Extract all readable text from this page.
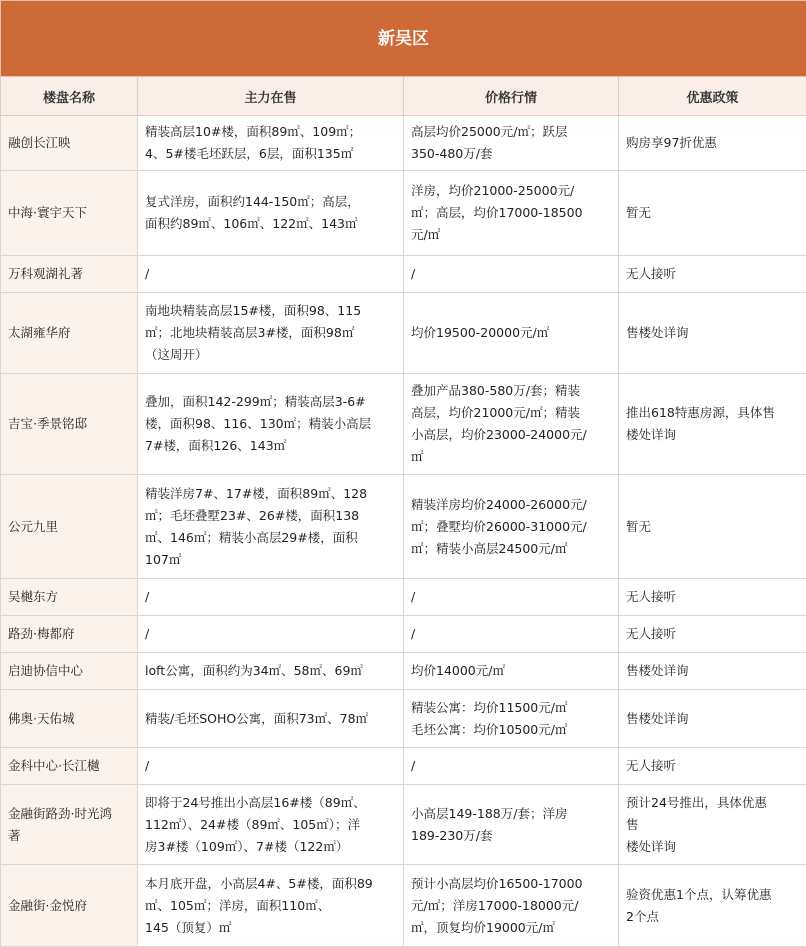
新吴区			
楼盘名称	主力在售	价格行情	优惠政策
融创长江映	精装高层10#楼，面积89㎡、109㎡；
4、5#楼毛坯跃层，6层，面积135㎡	高层均价25000元/㎡；跃层
350-480万/套	购房享97折优惠
中海·寰宇天下	复式洋房，面积约144-150㎡；高层，
面积约89㎡、106㎡、122㎡、143㎡	洋房，均价21000-25000元/
㎡；高层，均价17000-18500
元/㎡	暂无
万科观湖礼著	/	/	无人接听
太湖雍华府	南地块精装高层15#楼，面积98、115
㎡；北地块精装高层3#楼，面积98㎡
（这周开）	均价19500-20000元/㎡	售楼处详询
吉宝·季景铭邸	叠加，面积142-299㎡；精装高层3-6#
楼，面积98、116、130㎡；精装小高层
7#楼，面积126、143㎡	叠加产品380-580万/套；精装
高层，均价21000元/㎡；精装
小高层，均价23000-24000元/
㎡	推出618特惠房源，具体售
楼处详询
公元九里	精装洋房7#、17#楼，面积89㎡、128
㎡；毛坯叠墅23#、26#楼，面积138
㎡、146㎡；精装小高层29#楼，面积
107㎡	精装洋房均价24000-26000元/
㎡；叠墅均价26000-31000元/
㎡；精装小高层24500元/㎡	暂无
吴樾东方	/	/	无人接听
路劲·梅都府	/	/	无人接听
启迪协信中心	loft公寓，面积约为34㎡、58㎡、69㎡	均价14000元/㎡	售楼处详询
佛奥·天佑城	精装/毛坯SOHO公寓，面积73㎡、78㎡	精装公寓：均价11500元/㎡
毛坯公寓：均价10500元/㎡	售楼处详询
金科中心·长江樾	/	/	无人接听
金融街路劲·时光鸿
著	即将于24号推出小高层16#楼（89㎡、
112㎡）、24#楼（89㎡、105㎡）；洋
房3#楼（109㎡）、7#楼（122㎡）	小高层149-188万/套；洋房
189-230万/套	预计24号推出，具体优惠
售
楼处详询
金融街·金悦府	本月底开盘，小高层4#、5#楼，面积89
㎡、105㎡；洋房，面积110㎡、
145（顶复）㎡	预计小高层均价16500-17000
元/㎡；洋房17000-18000元/
㎡，顶复均价19000元/㎡	验资优惠1个点，认筹优惠
2个点
